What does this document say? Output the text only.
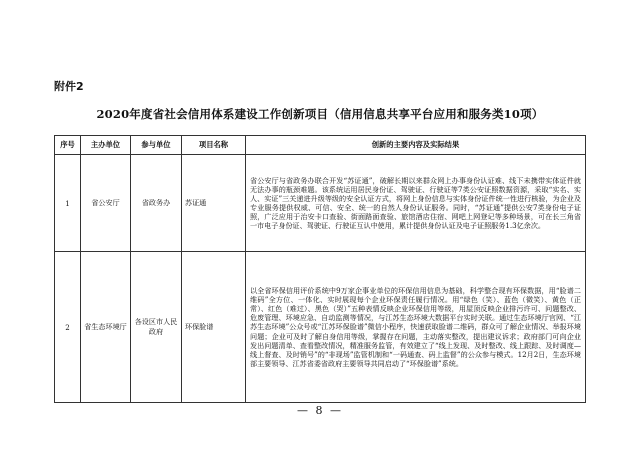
附件2
2020年度省社会信用体系建设工作创新项目（信用信息共享平台应用和服务类10项）
序号	主办单位	参与单位	项目名称	创新的主要内容及实际结果
1	省公安厅	省政务办	苏证通	省公安厅与省政务办联合开发“苏证通”，破解长期以来群众网上办事身份认证难、线下未携带实体证件就无法办事的瓶颈难题。该系统运用居民身份证、驾驶证、行驶证等7类公安证照数据资源，采取“实名、实人、实证”三关递进升级等级的安全认证方式，将网上身份信息与实体身份证件统一性进行核验，为企业及专业服务提供权威、可信、安全、统一的自然人身份认证服务。同时，“苏证通”提供公安7类身份电子证照，广泛应用于治安卡口查验、街面路面查验、旅馆酒店住宿、网吧上网登记等多种场景，可在长三角省一市电子身份证、驾驶证、行驶证互认中使用，累计提供身份认证及电子证照服务1.3亿余次。
2	省生态环境厅	各设区市人民政府	环保脸谱	以全省环保信用评价系统中9万家企事业单位的环保信用信息为基础，科学整合现有环保数据，用“脸谱二维码”全方位、一体化、实时展现每个企业环保责任履行情况。用“绿色（笑）、蓝色（微笑）、黄色（正常）、红色（难过）、黑色（哭）”五种表情反映企业环保信用等级，用屋顶反映企业排污许可、问题整改、危废管理、环境应急、自动监测等情况，与江苏生态环境大数据平台实时关联。通过生态环境厅官网、“江苏生态环境”公众号或“江苏环保脸谱”微信小程序，快速获取脸谱二维码，群众可了解企业情况、举报环境问题；企业可及时了解自身信用等级，掌握存在问题，主动落实整改，提出建议诉求；政府部门可向企业发出问题清单、查看整改情况，精准服务监管，有效建立了“线上发现、及时整改、线上跟踪、及时调度—线上督查、及时销号”的“非现场”监管机制和“一码通查、码上监督”的公众参与模式。12月2日，生态环境部主要领导、江苏省委省政府主要领导共同启动了“环保脸谱”系统。
— 8 —
